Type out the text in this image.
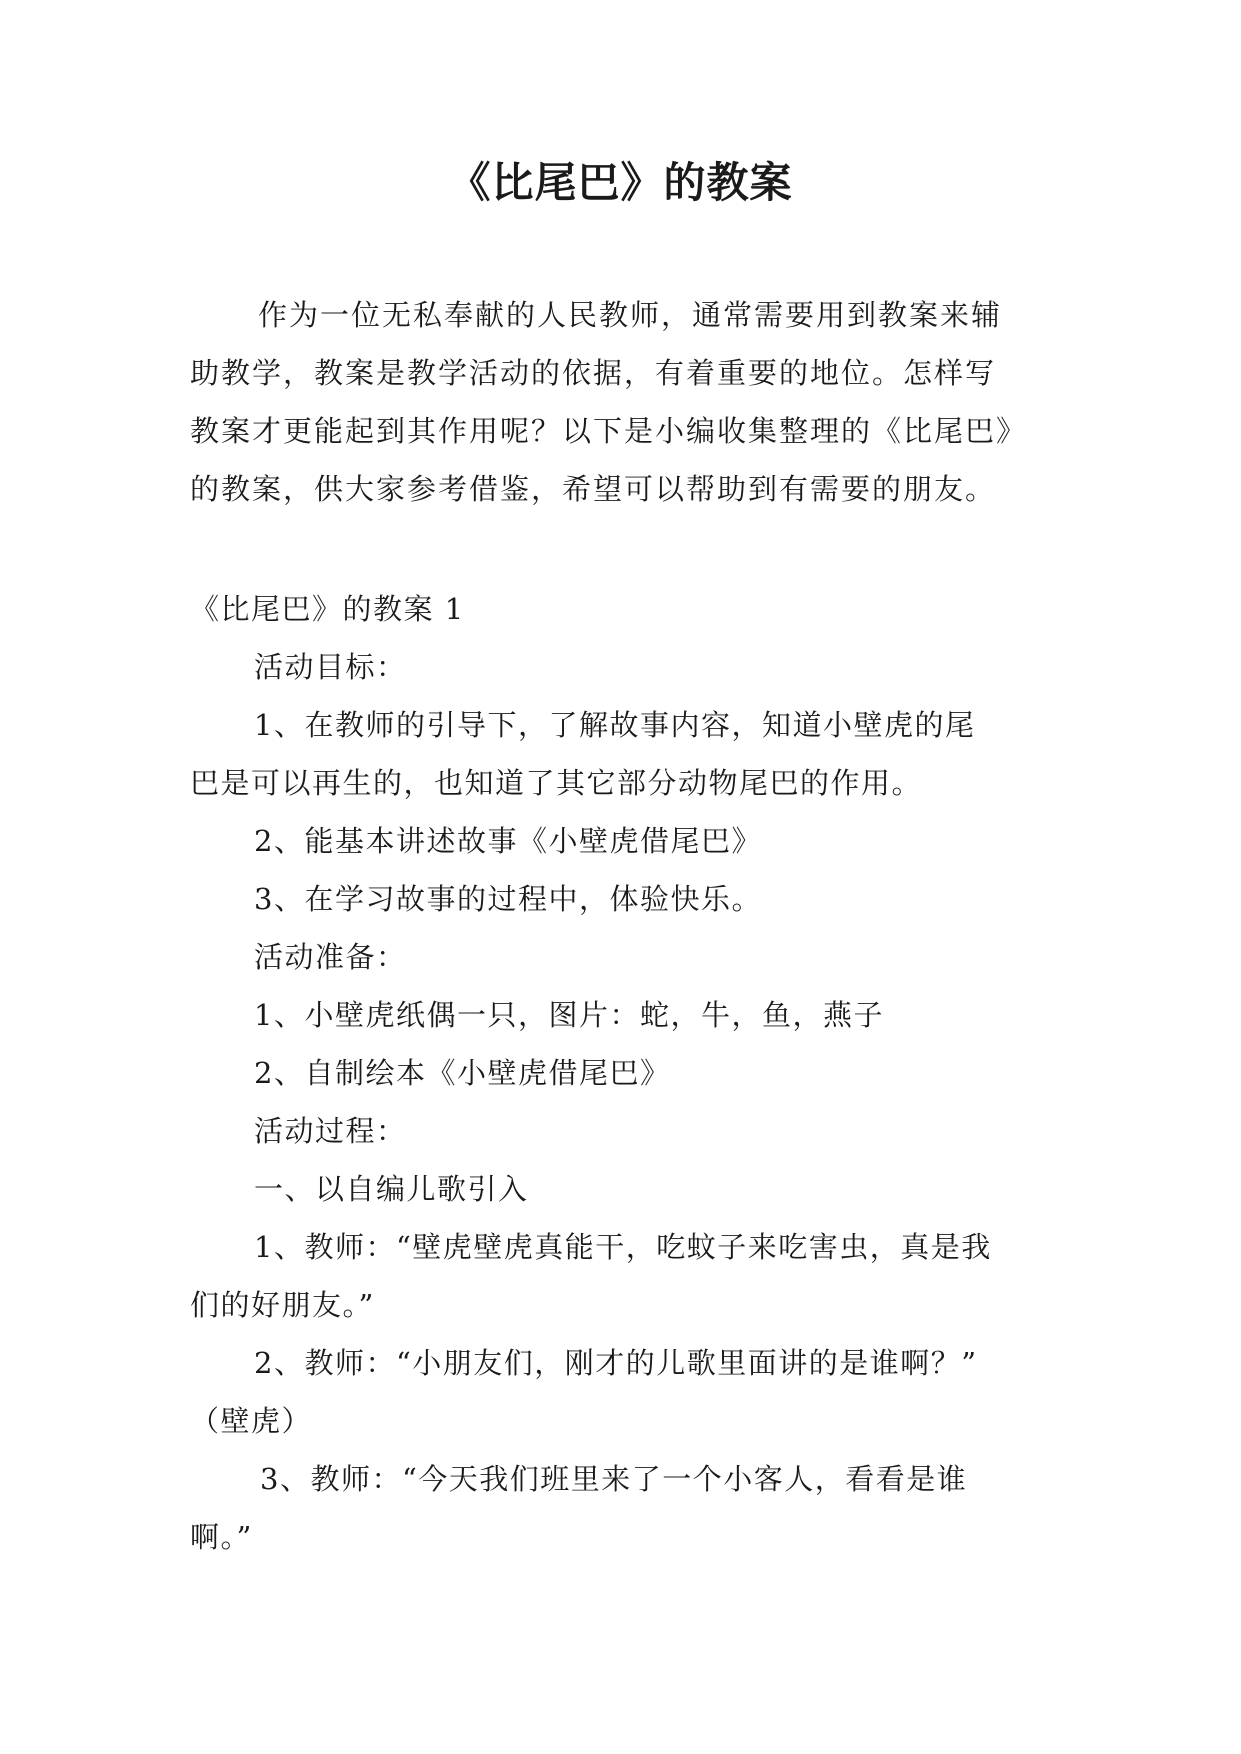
《比尾巴》的教案

作为一位无私奉献的人民教师，通常需要用到教案来辅
助教学，教案是教学活动的依据，有着重要的地位。怎样写
教案才更能起到其作用呢？以下是小编收集整理的《比尾巴》
的教案，供大家参考借鉴，希望可以帮助到有需要的朋友。

《比尾巴》的教案 1
活动目标：
1、在教师的引导下，了解故事内容，知道小壁虎的尾
巴是可以再生的，也知道了其它部分动物尾巴的作用。
2、能基本讲述故事《小壁虎借尾巴》
3、在学习故事的过程中，体验快乐。
活动准备：
1、小壁虎纸偶一只，图片：蛇，牛，鱼，燕子
2、自制绘本《小壁虎借尾巴》
活动过程：
一、以自编儿歌引入
1、教师：“壁虎壁虎真能干，吃蚊子来吃害虫，真是我
们的好朋友。”
2、教师：“小朋友们，刚才的儿歌里面讲的是谁啊？”
（壁虎）
3、教师：“今天我们班里来了一个小客人，看看是谁
啊。”
